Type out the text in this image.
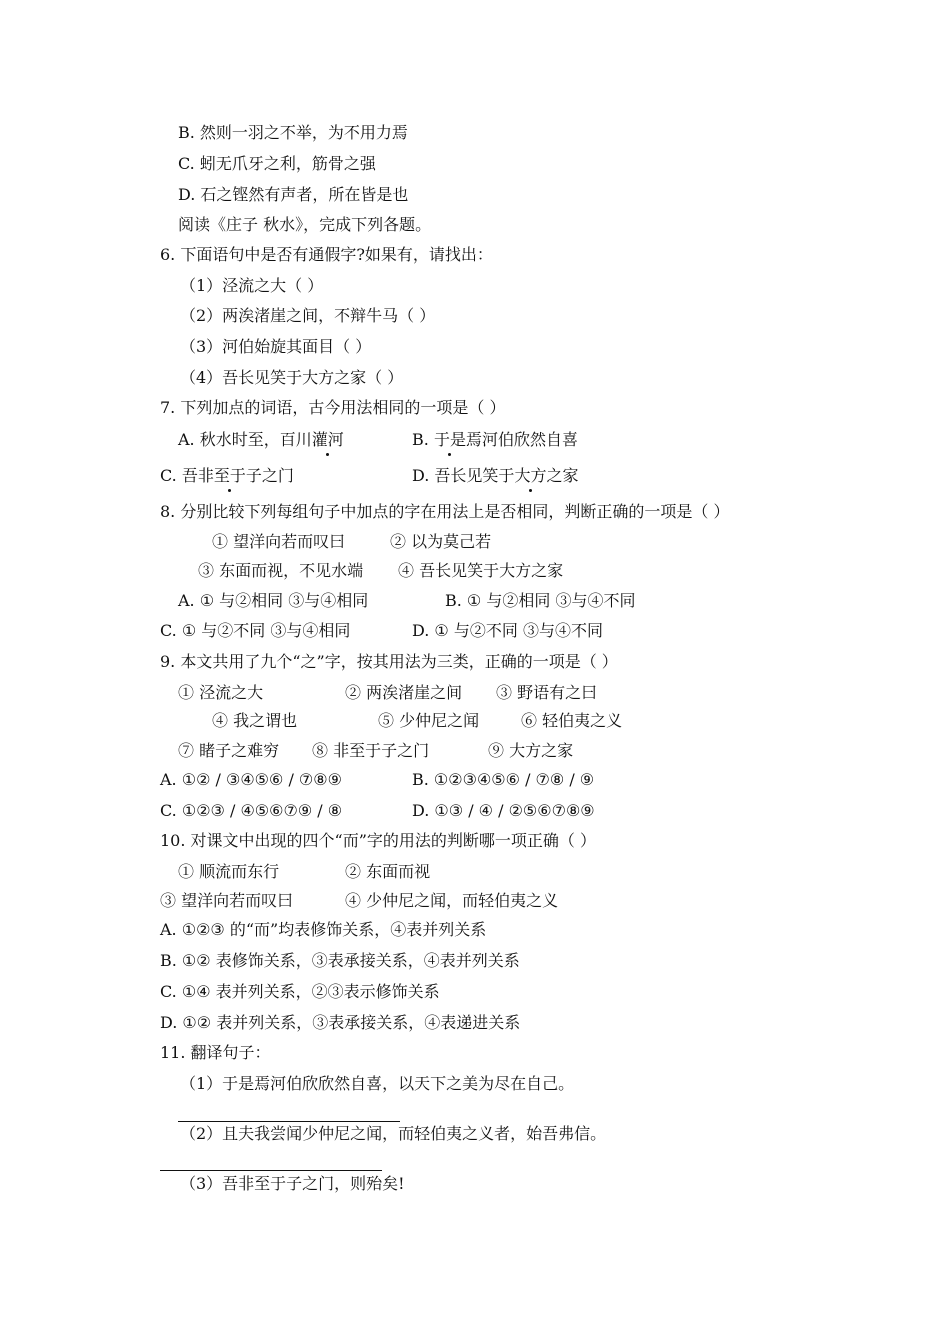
B. 然则一羽之不举，为不用力焉
C. 蚓无爪牙之利，筋骨之强
D. 石之铿然有声者，所在皆是也
阅读《庄子 秋水》，完成下列各题。
6. 下面语句中是否有通假字?如果有，请找出：
（1）泾流之大（ ）
（2）两涘渚崖之间，不辩牛马（ ）
（3）河伯始旋其面目（ ）
（4）吾长见笑于大方之家（ ）
7. 下列加点的词语，古今用法相同的一项是（ ）
A. 秋水时至，百川灌河	B. 于是焉河伯欣然自喜
C. 吾非至于子之门	D. 吾长见笑于大方之家
8. 分别比较下列每组句子中加点的字在用法上是否相同，判断正确的一项是（ ）
① 望洋向若而叹曰	② 以为莫己若
③ 东面而视，不见水端 ④ 吾长见笑于大方之家
A. ① 与②相同 ③与④相同	B. ① 与②相同 ③与④不同
C. ① 与②不同 ③与④相同	D. ① 与②不同 ③与④不同
9. 本文共用了九个“之”字，按其用法为三类，正确的一项是（ ）
① 泾流之大	② 两涘渚崖之间 ③ 野语有之曰
④ 我之谓也	⑤ 少仲尼之闻	⑥ 轻伯夷之义
⑦ 睹子之难穷 ⑧ 非至于子之门	⑨ 大方之家
A. ①② / ③④⑤⑥ / ⑦⑧⑨	B. ①②③④⑤⑥ / ⑦⑧ / ⑨
C. ①②③ / ④⑤⑥⑦⑨ / ⑧	D. ①③ / ④ / ②⑤⑥⑦⑧⑨
10. 对课文中出现的四个“而”字的用法的判断哪一项正确（ ）
① 顺流而东行	② 东面而视
③ 望洋向若而叹曰	④ 少仲尼之闻，而轻伯夷之义
A. ①②③ 的“而”均表修饰关系，④表并列关系
B. ①② 表修饰关系，③表承接关系，④表并列关系
C. ①④ 表并列关系，②③表示修饰关系
D. ①② 表并列关系，③表承接关系，④表递进关系
11. 翻译句子：
（1）于是焉河伯欣欣然自喜，以天下之美为尽在自己。
（2）且夫我尝闻少仲尼之闻，而轻伯夷之义者，始吾弗信。
（3）吾非至于子之门，则殆矣!
